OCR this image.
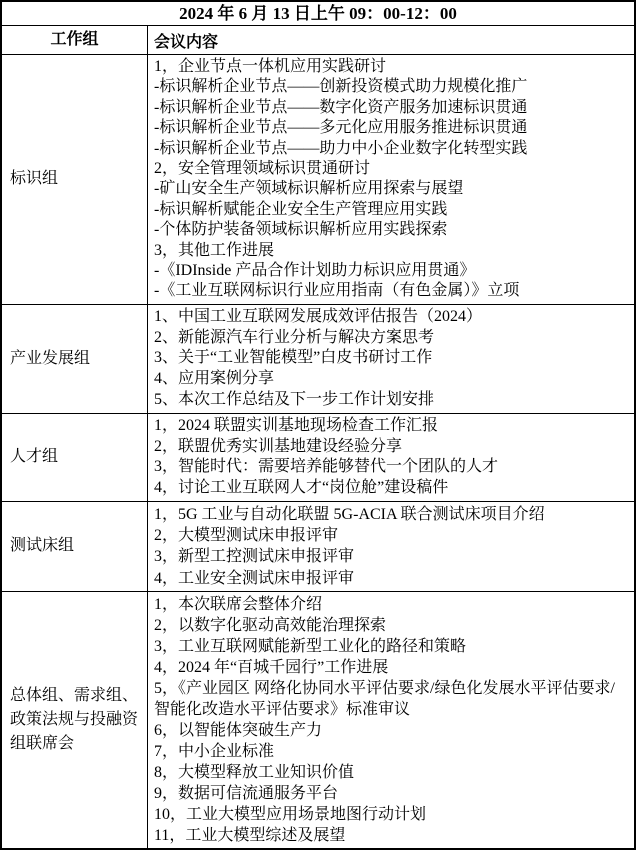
2024 年 6 月 13 日上午 09：00-12：00
工作组	会议内容
标识组
1，企业节点一体机应用实践研讨
-标识解析企业节点——创新投资模式助力规模化推广
-标识解析企业节点——数字化资产服务加速标识贯通
-标识解析企业节点——多元化应用服务推进标识贯通
-标识解析企业节点——助力中小企业数字化转型实践
2，安全管理领域标识贯通研讨
-矿山安全生产领域标识解析应用探索与展望
-标识解析赋能企业安全生产管理应用实践
-个体防护装备领域标识解析应用实践探索
3，其他工作进展
-《IDInside 产品合作计划助力标识应用贯通》
-《工业互联网标识行业应用指南（有色金属）》立项
产业发展组
1、中国工业互联网发展成效评估报告（2024）
2、新能源汽车行业分析与解决方案思考
3、关于“工业智能模型”白皮书研讨工作
4、应用案例分享
5、本次工作总结及下一步工作计划安排
人才组
1，2024 联盟实训基地现场检查工作汇报
2，联盟优秀实训基地建设经验分享
3，智能时代：需要培养能够替代一个团队的人才
4，讨论工业互联网人才“岗位舱”建设稿件
测试床组
1，5G 工业与自动化联盟 5G-ACIA 联合测试床项目介绍
2，大模型测试床申报评审
3，新型工控测试床申报评审
4，工业安全测试床申报评审
总体组、需求组、政策法规与投融资组联席会
1，本次联席会整体介绍
2，以数字化驱动高效能治理探索
3，工业互联网赋能新型工业化的路径和策略
4，2024 年“百城千园行”工作进展
5，《产业园区 网络化协同水平评估要求/绿色化发展水平评估要求/智能化改造水平评估要求》标准审议
6，以智能体突破生产力
7，中小企业标准
8，大模型释放工业知识价值
9，数据可信流通服务平台
10，工业大模型应用场景地图行动计划
11，工业大模型综述及展望
